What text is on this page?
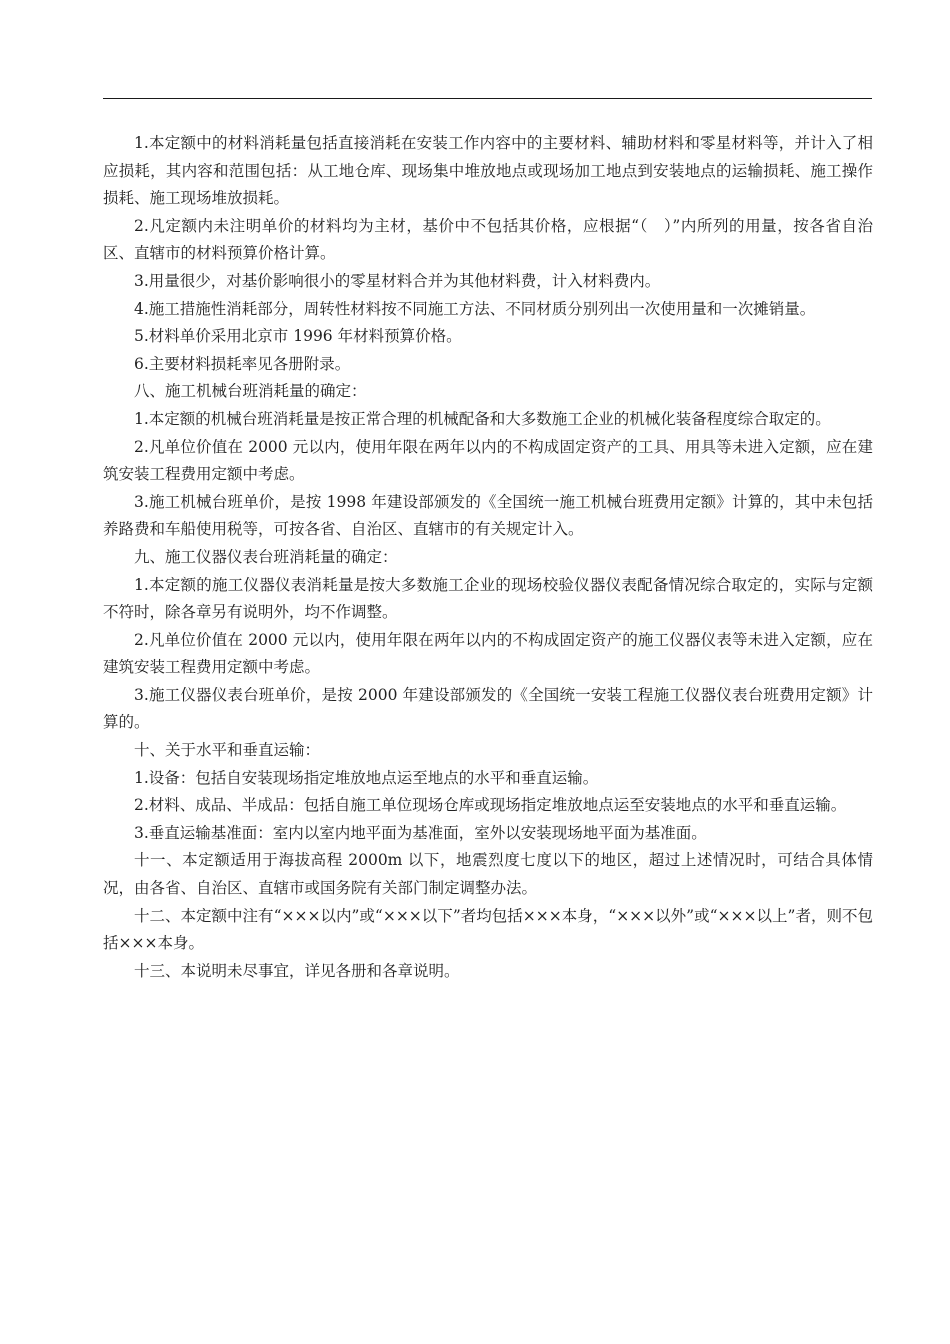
1.本定额中的材料消耗量包括直接消耗在安装工作内容中的主要材料、辅助材料和零星材料等，并计入了相应损耗，其内容和范围包括：从工地仓库、现场集中堆放地点或现场加工地点到安装地点的运输损耗、施工操作损耗、施工现场堆放损耗。

2.凡定额内未注明单价的材料均为主材，基价中不包括其价格，应根据“（　）”内所列的用量，按各省自治区、直辖市的材料预算价格计算。

3.用量很少，对基价影响很小的零星材料合并为其他材料费，计入材料费内。

4.施工措施性消耗部分，周转性材料按不同施工方法、不同材质分别列出一次使用量和一次摊销量。

5.材料单价采用北京市 1996 年材料预算价格。

6.主要材料损耗率见各册附录。

八、施工机械台班消耗量的确定：

1.本定额的机械台班消耗量是按正常合理的机械配备和大多数施工企业的机械化装备程度综合取定的。

2.凡单位价值在 2000 元以内，使用年限在两年以内的不构成固定资产的工具、用具等未进入定额，应在建筑安装工程费用定额中考虑。

3.施工机械台班单价，是按 1998 年建设部颁发的《全国统一施工机械台班费用定额》计算的，其中未包括养路费和车船使用税等，可按各省、自治区、直辖市的有关规定计入。

九、施工仪器仪表台班消耗量的确定：

1.本定额的施工仪器仪表消耗量是按大多数施工企业的现场校验仪器仪表配备情况综合取定的，实际与定额不符时，除各章另有说明外，均不作调整。

2.凡单位价值在 2000 元以内，使用年限在两年以内的不构成固定资产的施工仪器仪表等未进入定额，应在建筑安装工程费用定额中考虑。

3.施工仪器仪表台班单价，是按 2000 年建设部颁发的《全国统一安装工程施工仪器仪表台班费用定额》计算的。

十、关于水平和垂直运输：

1.设备：包括自安装现场指定堆放地点运至地点的水平和垂直运输。

2.材料、成品、半成品：包括自施工单位现场仓库或现场指定堆放地点运至安装地点的水平和垂直运输。

3.垂直运输基准面：室内以室内地平面为基准面，室外以安装现场地平面为基准面。

十一、本定额适用于海拔高程 2000m 以下，地震烈度七度以下的地区，超过上述情况时，可结合具体情况，由各省、自治区、直辖市或国务院有关部门制定调整办法。

十二、本定额中注有“×××以内”或“×××以下”者均包括×××本身，“×××以外”或“×××以上”者，则不包括×××本身。

十三、本说明未尽事宜，详见各册和各章说明。
